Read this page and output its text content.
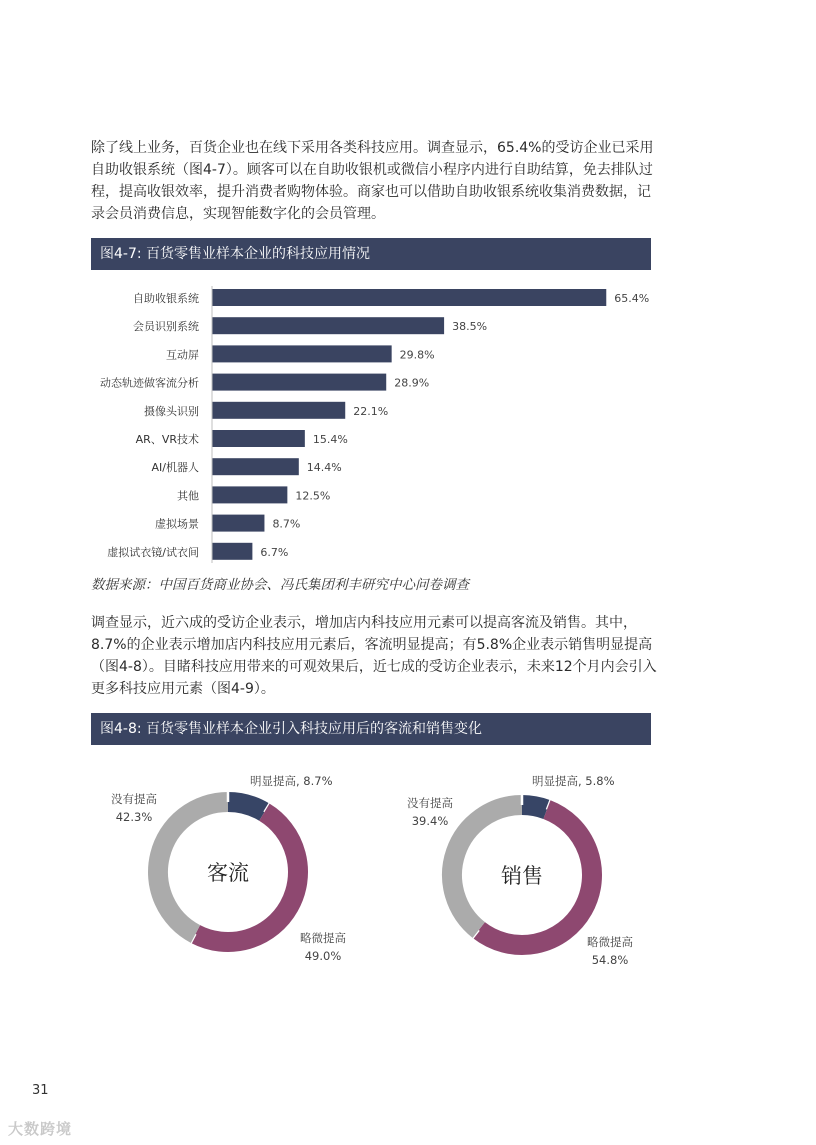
除了线上业务，百货企业也在线下采用各类科技应用。调查显示，65.4%的受访企业已采用自助收银系统（图4-7）。顾客可以在自助收银机或微信小程序内进行自助结算，免去排队过程，提高收银效率，提升消费者购物体验。商家也可以借助自助收银系统收集消费数据，记录会员消费信息，实现智能数字化的会员管理。

图4-7: 百货零售业样本企业的科技应用情况
自助收银系统	65.4%
会员识别系统	38.5%
互动屏	29.8%
动态轨迹做客流分析	28.9%
摄像头识别	22.1%
AR、VR技术	15.4%
AI/机器人	14.4%
其他	12.5%
虚拟场景	8.7%
虚拟试衣镜/试衣间	6.7%
数据来源：中国百货商业协会、冯氏集团利丰研究中心问卷调查

调查显示，近六成的受访企业表示，增加店内科技应用元素可以提高客流及销售。其中，8.7%的企业表示增加店内科技应用元素后，客流明显提高；有5.8%企业表示销售明显提高（图4-8）。目睹科技应用带来的可观效果后，近七成的受访企业表示，未来12个月内会引入更多科技应用元素（图4-9）。

图4-8: 百货零售业样本企业引入科技应用后的客流和销售变化
客流
明显提高, 8.7%
略微提高
49.0%
没有提高
42.3%
销售
明显提高, 5.8%
略微提高
54.8%
没有提高
39.4%
31
大数跨境
